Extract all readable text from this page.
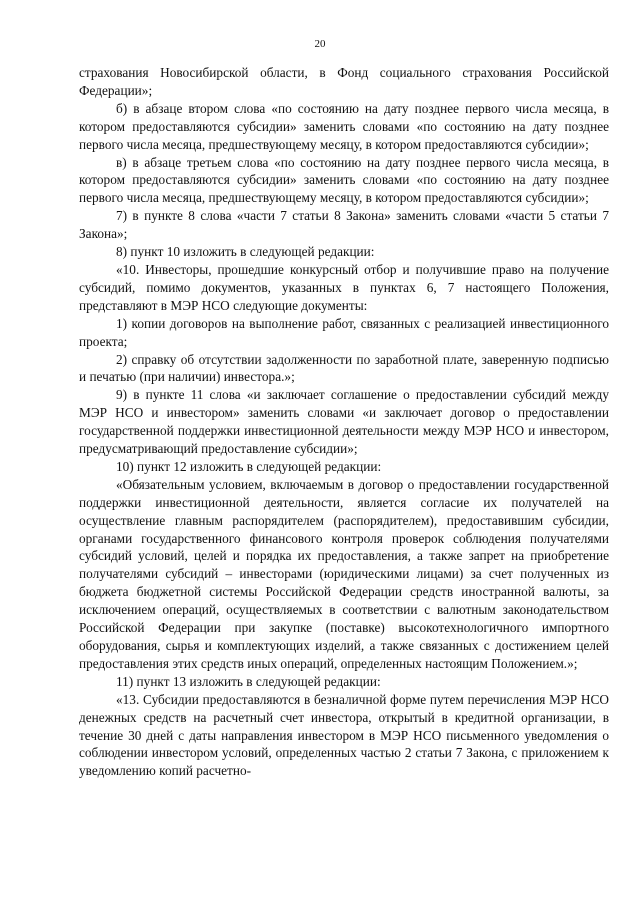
20

страхования Новосибирской области, в Фонд социального страхования Российской Федерации»;

б) в абзаце втором слова «по состоянию на дату позднее первого числа месяца, в котором предоставляются субсидии» заменить словами «по состоянию на дату позднее первого числа месяца, предшествующему месяцу, в котором предоставляются субсидии»;

в) в абзаце третьем слова «по состоянию на дату позднее первого числа месяца, в котором предоставляются субсидии» заменить словами «по состоянию на дату позднее первого числа месяца, предшествующему месяцу, в котором предоставляются субсидии»;

7) в пункте 8 слова «части 7 статьи 8 Закона» заменить словами «части 5 статьи 7 Закона»;

8) пункт 10 изложить в следующей редакции:

«10. Инвесторы, прошедшие конкурсный отбор и получившие право на получение субсидий, помимо документов, указанных в пунктах 6, 7 настоящего Положения, представляют в МЭР НСО следующие документы:

1) копии договоров на выполнение работ, связанных с реализацией инвестиционного проекта;

2) справку об отсутствии задолженности по заработной плате, заверенную подписью и печатью (при наличии) инвестора.»;

9) в пункте 11 слова «и заключает соглашение о предоставлении субсидий между МЭР НСО и инвестором» заменить словами «и заключает договор о предоставлении государственной поддержки инвестиционной деятельности между МЭР НСО и инвестором, предусматривающий предоставление субсидии»;

10) пункт 12 изложить в следующей редакции:

«Обязательным условием, включаемым в договор о предоставлении государственной поддержки инвестиционной деятельности, является согласие их получателей на осуществление главным распорядителем (распорядителем), предоставившим субсидии, органами государственного финансового контроля проверок соблюдения получателями субсидий условий, целей и порядка их предоставления, а также запрет на приобретение получателями субсидий – инвесторами (юридическими лицами) за счет полученных из бюджета бюджетной системы Российской Федерации средств иностранной валюты, за исключением операций, осуществляемых в соответствии с валютным законодательством Российской Федерации при закупке (поставке) высокотехнологичного импортного оборудования, сырья и комплектующих изделий, а также связанных с достижением целей предоставления этих средств иных операций, определенных настоящим Положением.»;

11) пункт 13 изложить в следующей редакции:

«13. Субсидии предоставляются в безналичной форме путем перечисления МЭР НСО денежных средств на расчетный счет инвестора, открытый в кредитной организации, в течение 30 дней с даты направления инвестором в МЭР НСО письменного уведомления о соблюдении инвестором условий, определенных частью 2 статьи 7 Закона, с приложением к уведомлению копий расчетно-
